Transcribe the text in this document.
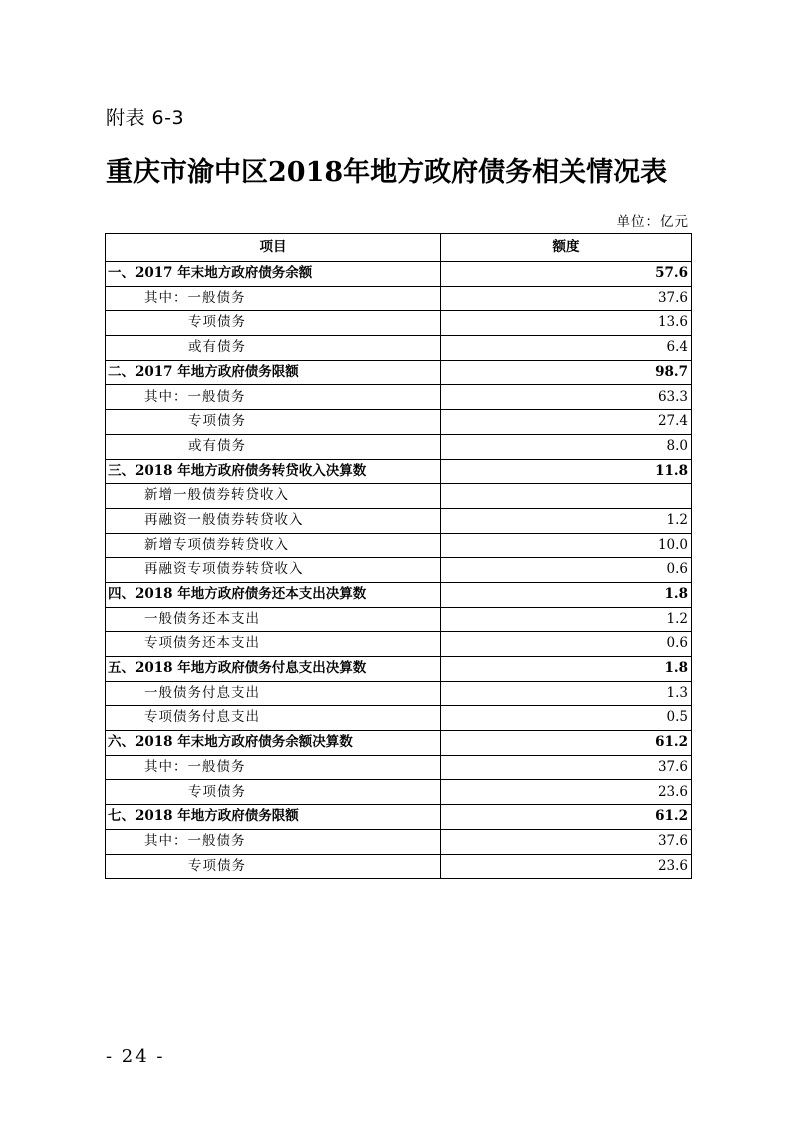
附表 6-3
重庆市渝中区2018年地方政府债务相关情况表
单位：亿元
项目	额度
一、2017 年末地方政府债务余额	57.6
其中：一般债务	37.6
专项债务	13.6
或有债务	6.4
二、2017 年地方政府债务限额	98.7
其中：一般债务	63.3
专项债务	27.4
或有债务	8.0
三、2018 年地方政府债务转贷收入决算数	11.8
新增一般债券转贷收入	
再融资一般债券转贷收入	1.2
新增专项债券转贷收入	10.0
再融资专项债券转贷收入	0.6
四、2018 年地方政府债务还本支出决算数	1.8
一般债务还本支出	1.2
专项债务还本支出	0.6
五、2018 年地方政府债务付息支出决算数	1.8
一般债务付息支出	1.3
专项债务付息支出	0.5
六、2018 年末地方政府债务余额决算数	61.2
其中：一般债务	37.6
专项债务	23.6
七、2018 年地方政府债务限额	61.2
其中：一般债务	37.6
专项债务	23.6
- 24 -
